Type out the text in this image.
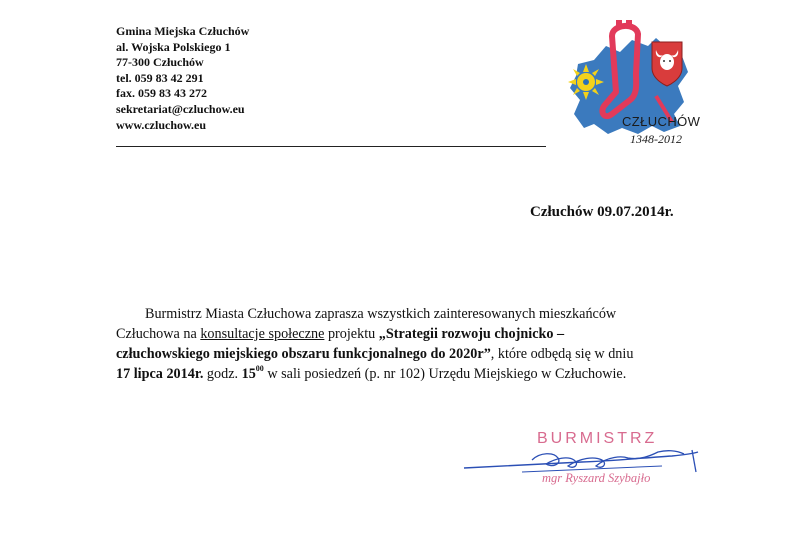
Gmina Miejska Człuchów
al. Wojska Polskiego 1
77-300 Człuchów
tel. 059 83 42 291
fax. 059 83 43 272
sekretariat@czluchow.eu
www.czluchow.eu	CZŁUCHÓW
1348-2012
Człuchów 09.07.2014r.
Burmistrz Miasta Człuchowa zaprasza wszystkich zainteresowanych mieszkańców
Człuchowa na konsultacje społeczne projektu „Strategii rozwoju chojnicko –
człuchowskiego miejskiego obszaru funkcjonalnego do 2020r”, które odbędą się w dniu
17 lipca 2014r. godz. $15^{00}$ w sali posiedzeń (p. nr 102) Urzędu Miejskiego w Człuchowie.
BURMISTRZ
mgr Ryszard Szybajło
